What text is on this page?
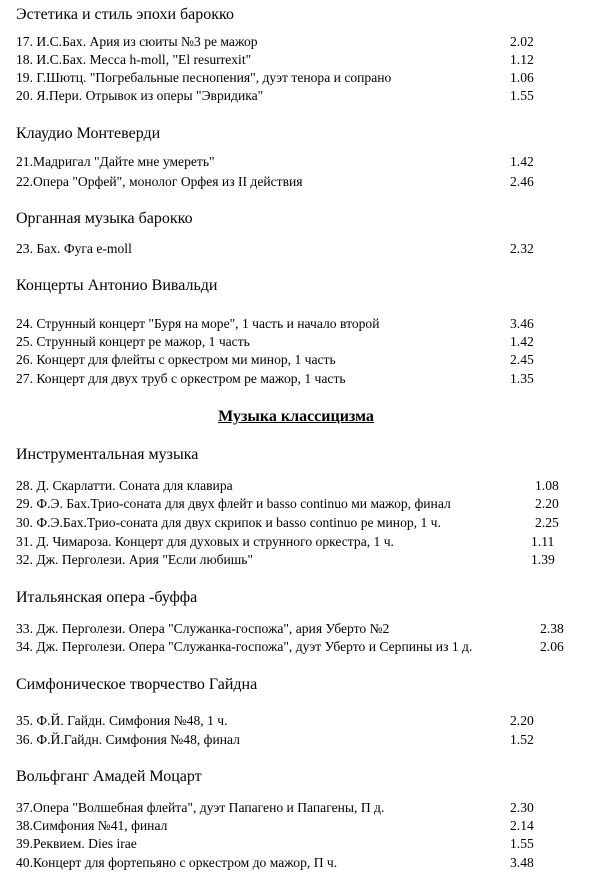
Эстетика и стиль эпохи барокко
17. И.С.Бах. Ария из сюиты №3 ре мажор	2.02
18. И.С.Бах. Месса h-moll, "El resurrexit"	1.12
19. Г.Шютц. "Погребальные песнопения", дуэт тенора и сопрано	1.06
20. Я.Пери. Отрывок из оперы "Эвридика"	1.55
Клаудио Монтеверди
21.Мадригал "Дайте мне умереть"	1.42
22.Опера "Орфей", монолог Орфея из II действия	2.46
Органная музыка барокко
23. Бах. Фуга e-moll	2.32
Концерты Антонио Вивальди
24. Струнный концерт "Буря на море", 1 часть и начало второй	3.46
25. Струнный концерт ре мажор, 1 часть	1.42
26. Концерт для флейты с оркестром ми минор, 1 часть	2.45
27. Концерт для двух труб с оркестром ре мажор, 1 часть	1.35
Музыка классицизма
Инструментальная музыка
28. Д. Скарлатти. Соната для клавира	1.08
29. Ф.Э. Бах.Трио-соната для двух флейт и basso continuo ми мажор, финал	2.20
30. Ф.Э.Бах.Трио-соната для двух скрипок и basso continuo ре минор, 1 ч.	2.25
31. Д. Чимароза. Концерт для духовых и струнного оркестра, 1 ч.	1.11
32. Дж. Перголези. Ария "Если любишь"	1.39
Итальянская опера -буффа
33. Дж. Перголези. Опера "Служанка-госпожа", ария Уберто №2	2.38
34. Дж. Перголези. Опера "Служанка-госпожа", дуэт Уберто и Серпины из 1 д.	2.06
Симфоническое творчество Гайдна
35. Ф.Й. Гайдн. Симфония №48, 1 ч.	2.20
36. Ф.Й.Гайдн. Симфония №48, финал	1.52
Вольфганг Амадей Моцарт
37.Опера "Волшебная флейта", дуэт Папагено и Папагены, П д.	2.30
38.Симфония №41, финал	2.14
39.Реквием. Dies irae	1.55
40.Концерт для фортепьяно с оркестром до мажор, П ч.	3.48
